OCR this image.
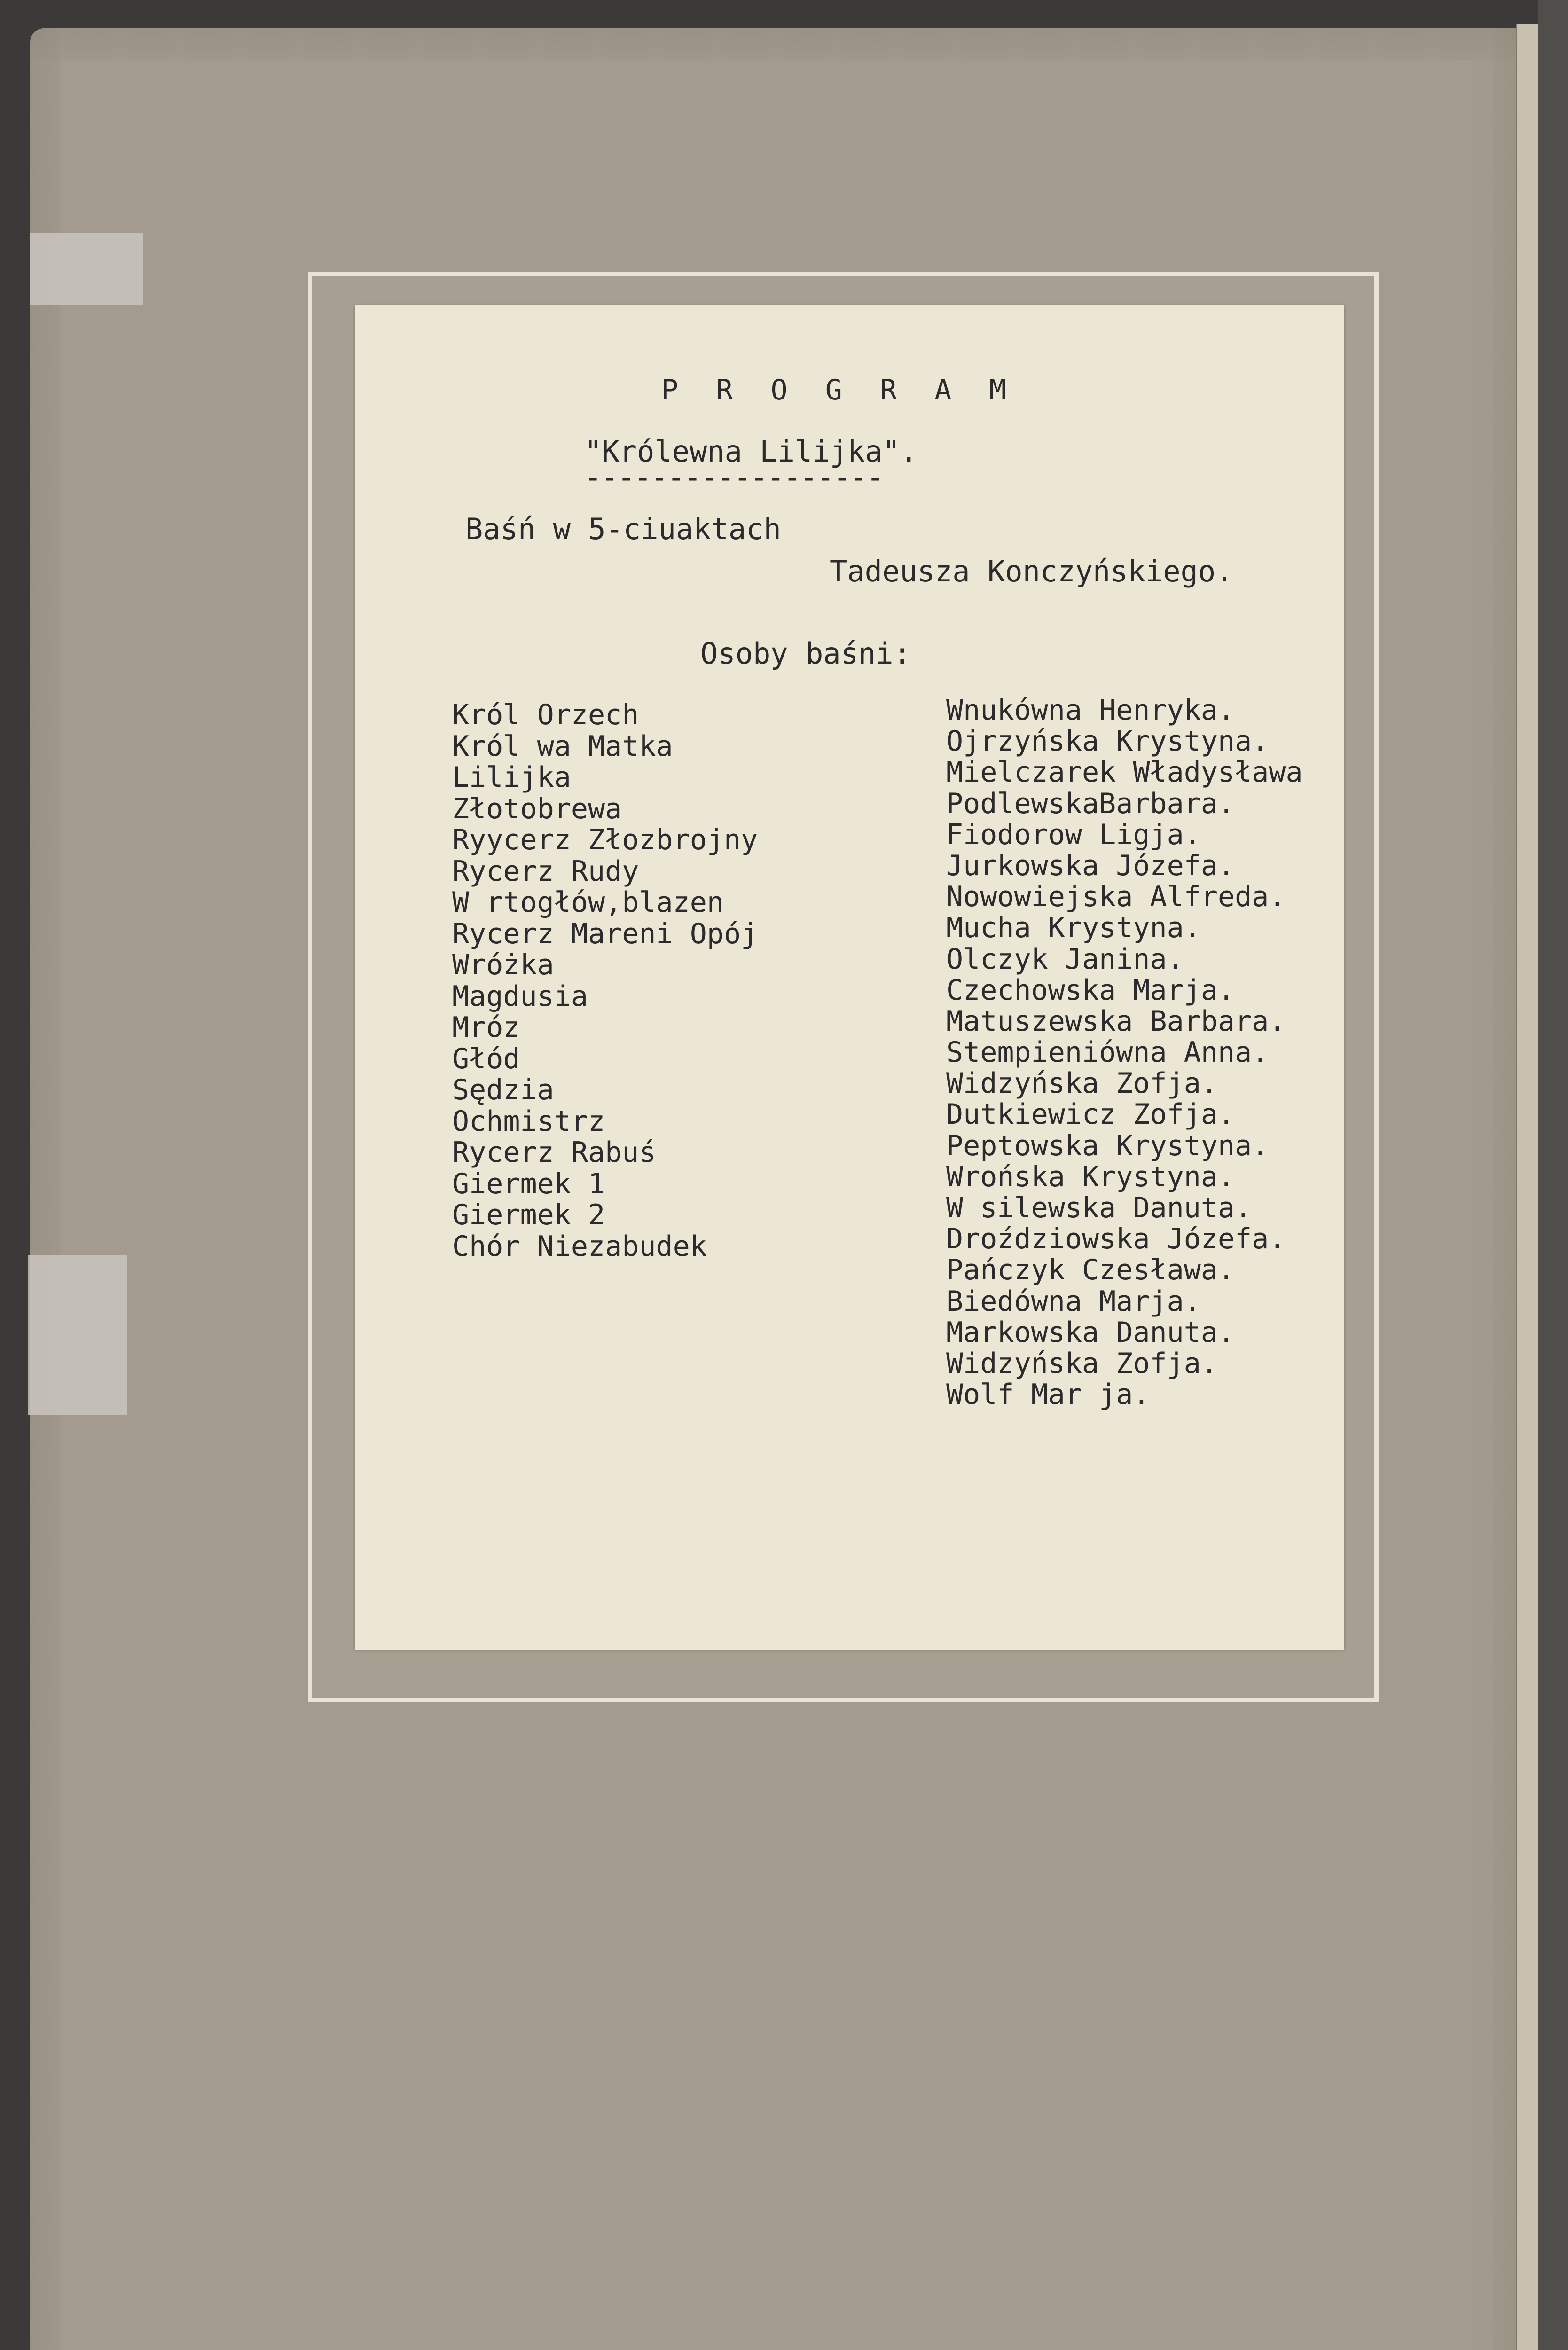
P R O G R A M
"Królewna Lilijka".
------------------
Baśń w 5-ciuaktach
Tadeusza Konczyńskiego.
Osoby baśni:
Król Orzech
Król wa Matka
Lilijka
Złotobrewa
Ryycerz Złozbrojny
Rycerz Rudy
W rtogłów,blazen
Rycerz Mareni Opój
Wróżka
Magdusia
Mróz
Głód
Sędzia
Ochmistrz
Rycerz Rabuś
Giermek 1
Giermek 2
Chór Niezabudek
Wnukówna Henryka.
Ojrzyńska Krystyna.
Mielczarek Władysława
PodlewskaBarbara.
Fiodorow Ligja.
Jurkowska Józefa.
Nowowiejska Alfreda.
Mucha Krystyna.
Olczyk Janina.
Czechowska Marja.
Matuszewska Barbara.
Stempieniówna Anna.
Widzyńska Zofja.
Dutkiewicz Zofja.
Peptowska Krystyna.
Wrońska Krystyna.
W silewska Danuta.
Droździowska Józefa.
Pańczyk Czesława.
Biedówna Marja.
Markowska Danuta.
Widzyńska Zofja.
Wolf Mar ja.
